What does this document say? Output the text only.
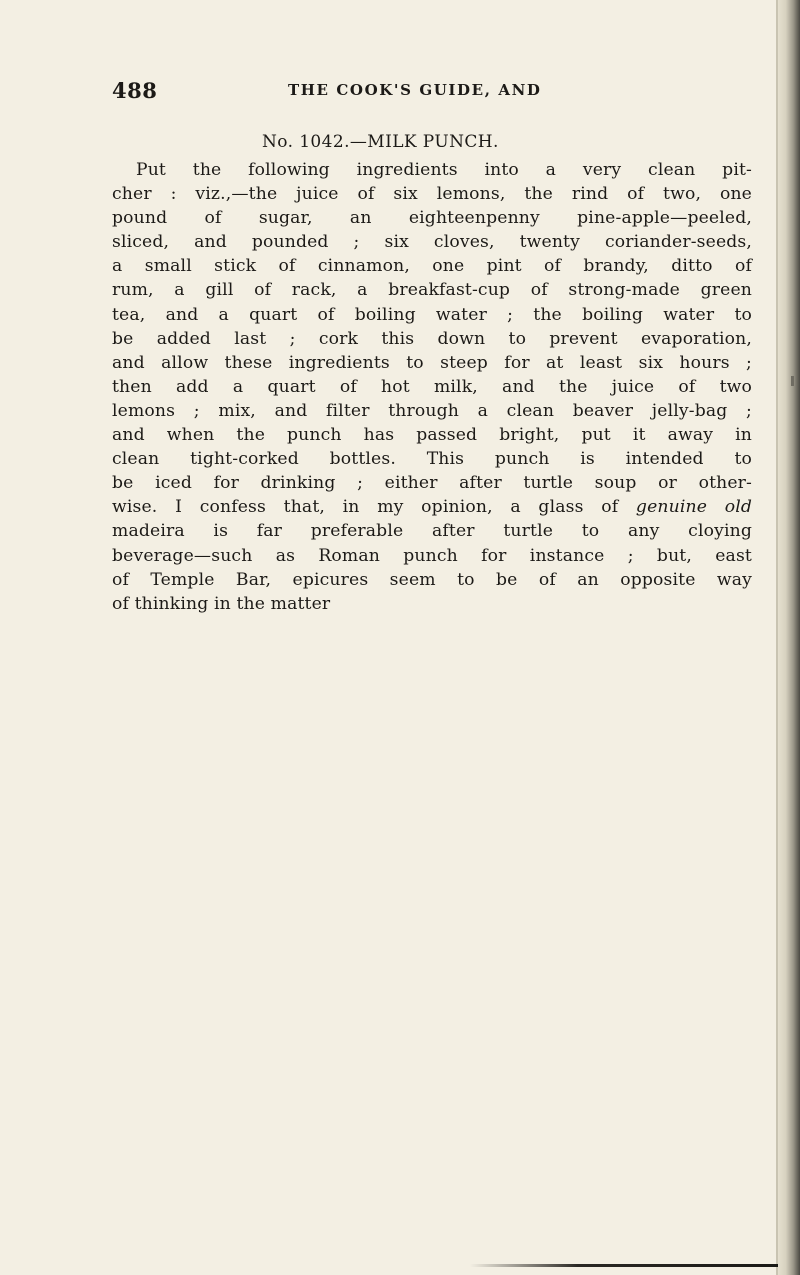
488	THE COOK'S GUIDE, AND
No. 1042.—MILK PUNCH.
Put the following ingredients into a very clean pit-
cher : viz.,—the juice of six lemons, the rind of two, one
pound of sugar, an eighteenpenny pine-apple—peeled,
sliced, and pounded ; six cloves, twenty coriander-seeds,
a small stick of cinnamon, one pint of brandy, ditto of
rum, a gill of rack, a breakfast-cup of strong-made green
tea, and a quart of boiling water ; the boiling water to
be added last ; cork this down to prevent evaporation,
and allow these ingredients to steep for at least six hours ;
then add a quart of hot milk, and the juice of two
lemons ; mix, and filter through a clean beaver jelly-bag ;
and when the punch has passed bright, put it away in
clean tight-corked bottles. This punch is intended to
be iced for drinking ; either after turtle soup or other-
wise. I confess that, in my opinion, a glass of genuine old
madeira is far preferable after turtle to any cloying
beverage—such as Roman punch for instance ; but, east
of Temple Bar, epicures seem to be of an opposite way
of thinking in the matter
